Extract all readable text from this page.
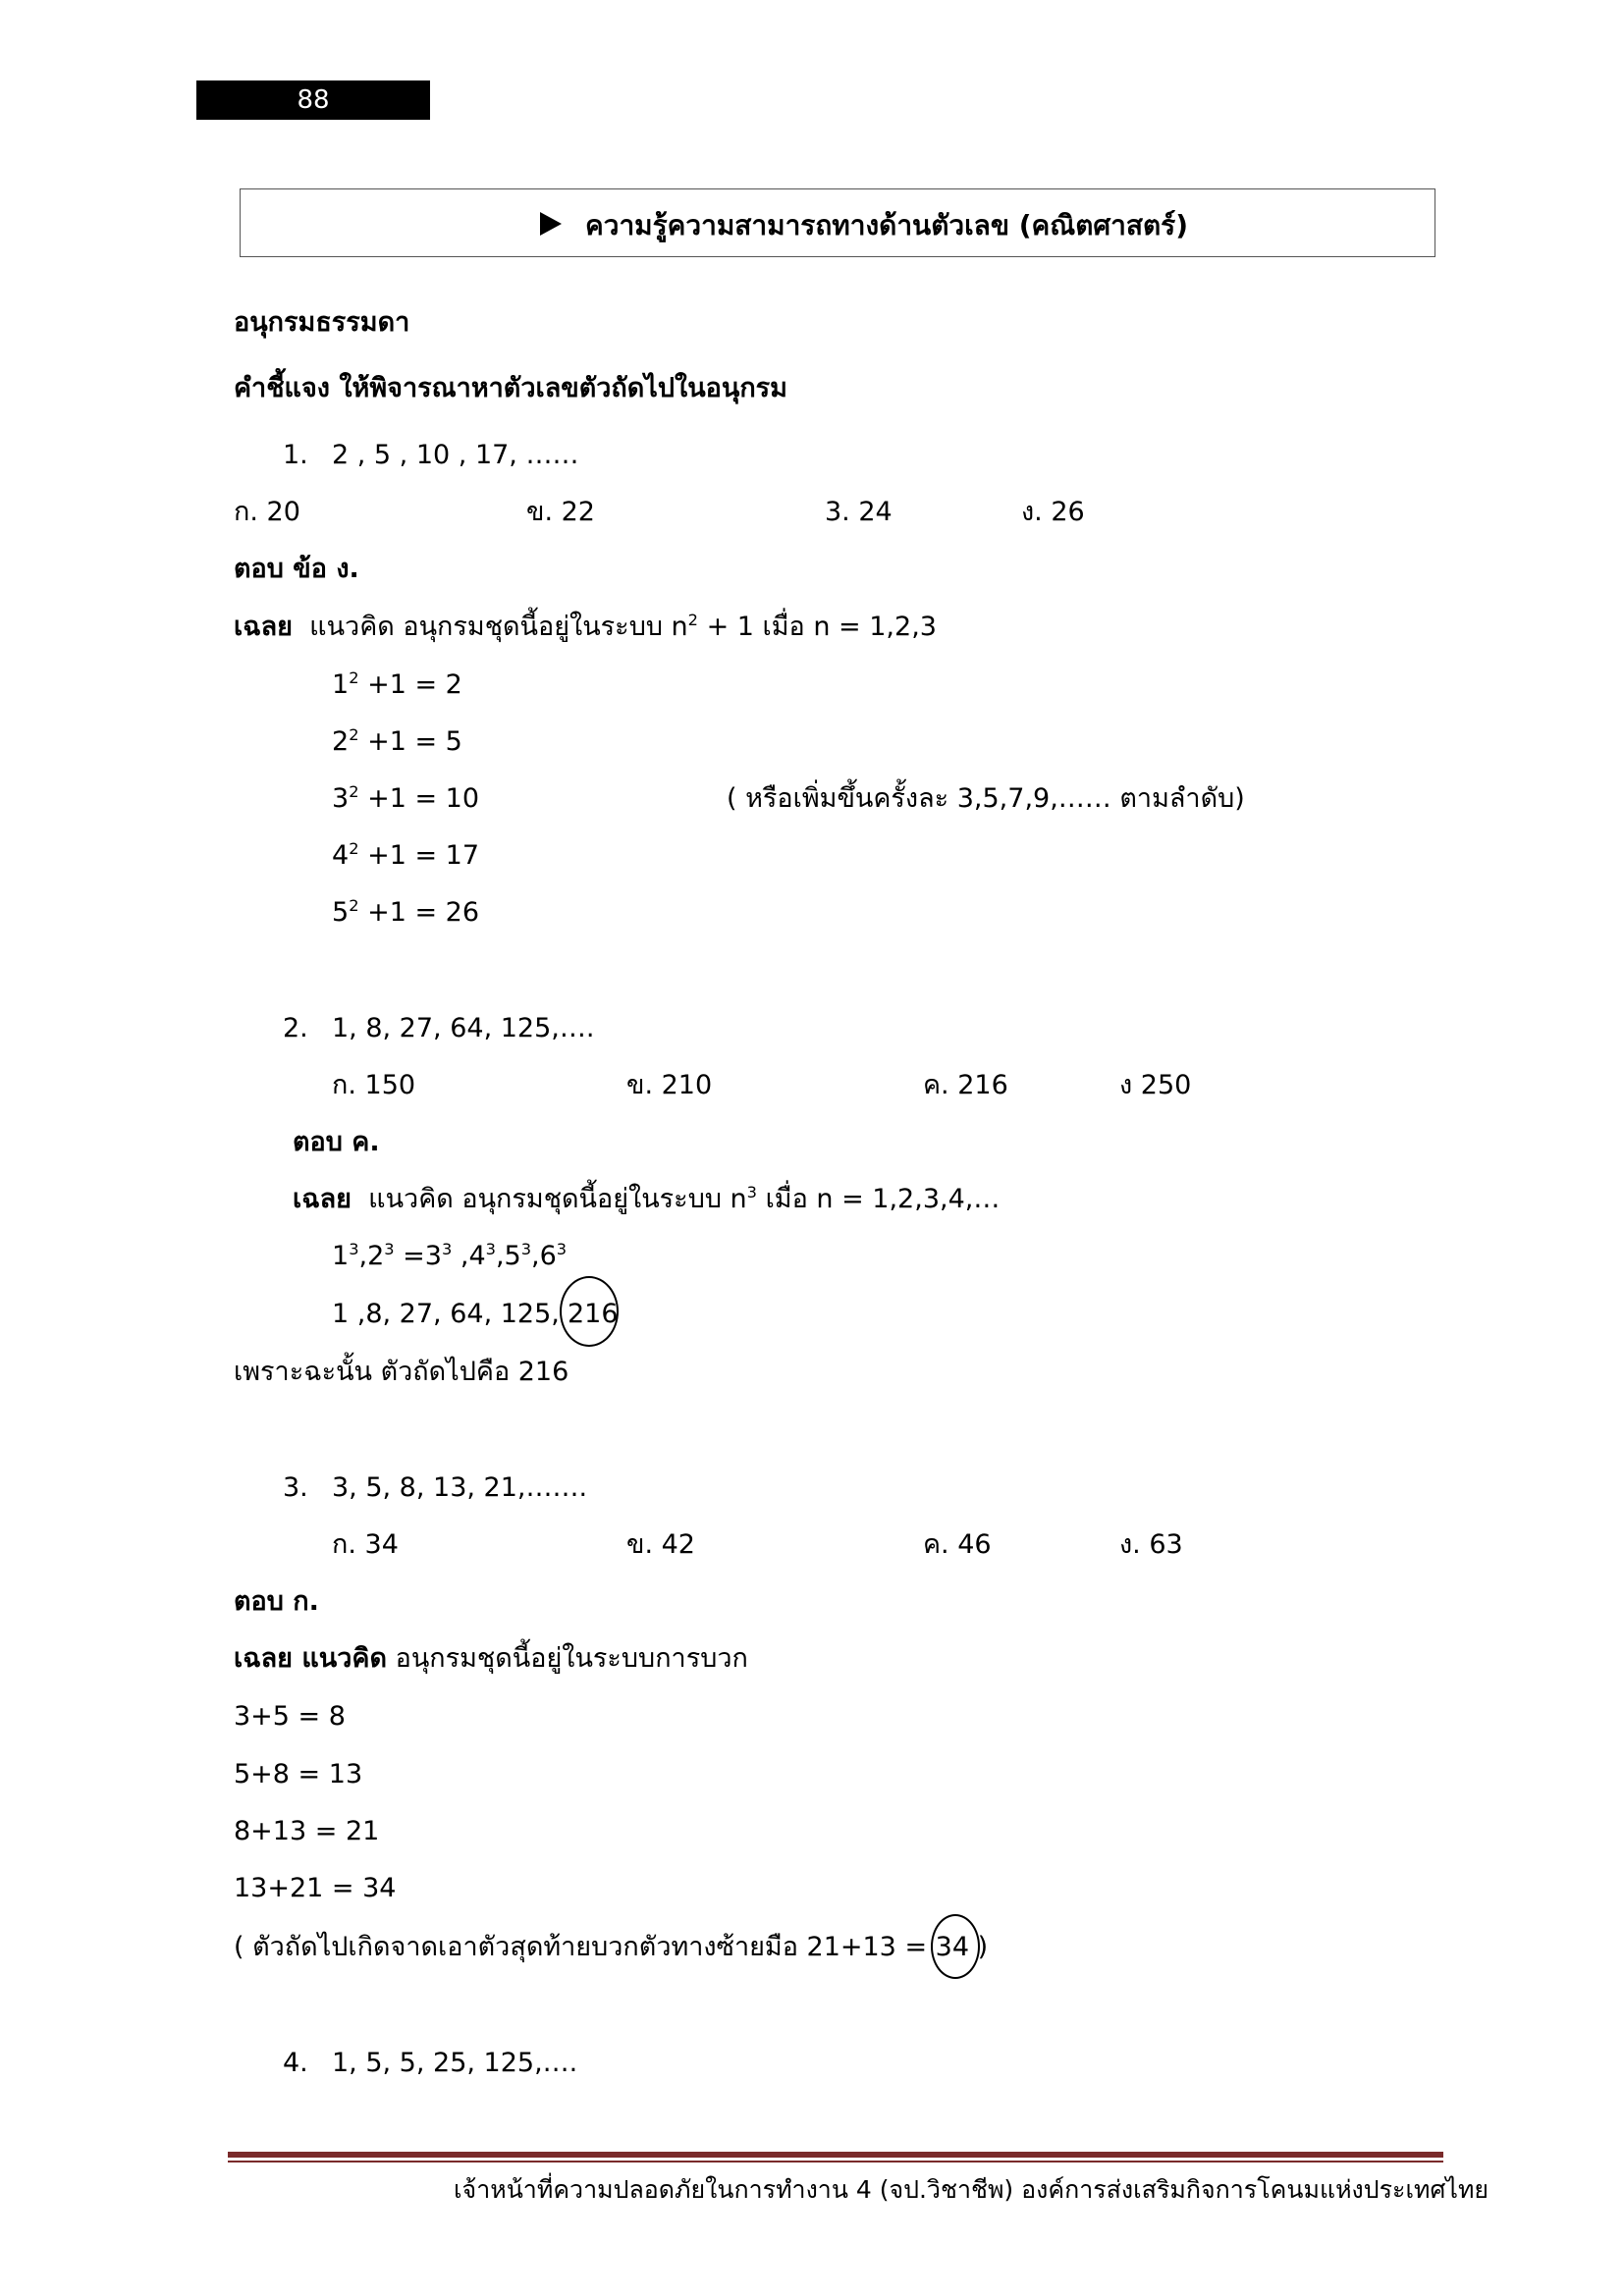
88
ความรู้ความสามารถทางด้านตัวเลข (คณิตศาสตร์)
อนุกรมธรรมดา
คำชี้แจง ให้พิจารณาหาตัวเลขตัวถัดไปในอนุกรม
1. 2 , 5 , 10 , 17, ……
ก. 20	ข. 22	3. 24	ง. 26
ตอบ ข้อ ง.
เฉลย แนวคิด อนุกรมชุดนี้อยู่ในระบบ $n^2 + 1$ เมื่อ n = 1,2,3
$1^2 +1 = 2$
$2^2 +1 = 5$
$3^2 +1 = 10$	( หรือเพิ่มขึ้นครั้งละ 3,5,7,9,…… ตามลำดับ)
$4^2 +1 = 17$
$5^2 +1 = 26$
2. 1, 8, 27, 64, 125,….
ก. 150	ข. 210	ค. 216	ง 250
ตอบ ค.
เฉลย แนวคิด อนุกรมชุดนี้อยู่ในระบบ $n^3$ เมื่อ n = 1,2,3,4,…
$1^3,2^3 =3^3$ $,4^3,5^3,6^3$
1 ,8, 27, 64, 125, 216
เพราะฉะนั้น ตัวถัดไปคือ 216
3. 3, 5, 8, 13, 21,…….
ก. 34	ข. 42	ค. 46	ง. 63
ตอบ ก.
เฉลย แนวคิด อนุกรมชุดนี้อยู่ในระบบการบวก
3+5 = 8
5+8 = 13
8+13 = 21
13+21 = 34
( ตัวถัดไปเกิดจาดเอาตัวสุดท้ายบวกตัวทางซ้ายมือ 21+13 = 34 )
4. 1, 5, 5, 25, 125,….
เจ้าหน้าที่ความปลอดภัยในการทำงาน 4 (จป.วิชาชีพ) องค์การส่งเสริมกิจการโคนมแห่งประเทศไทย
